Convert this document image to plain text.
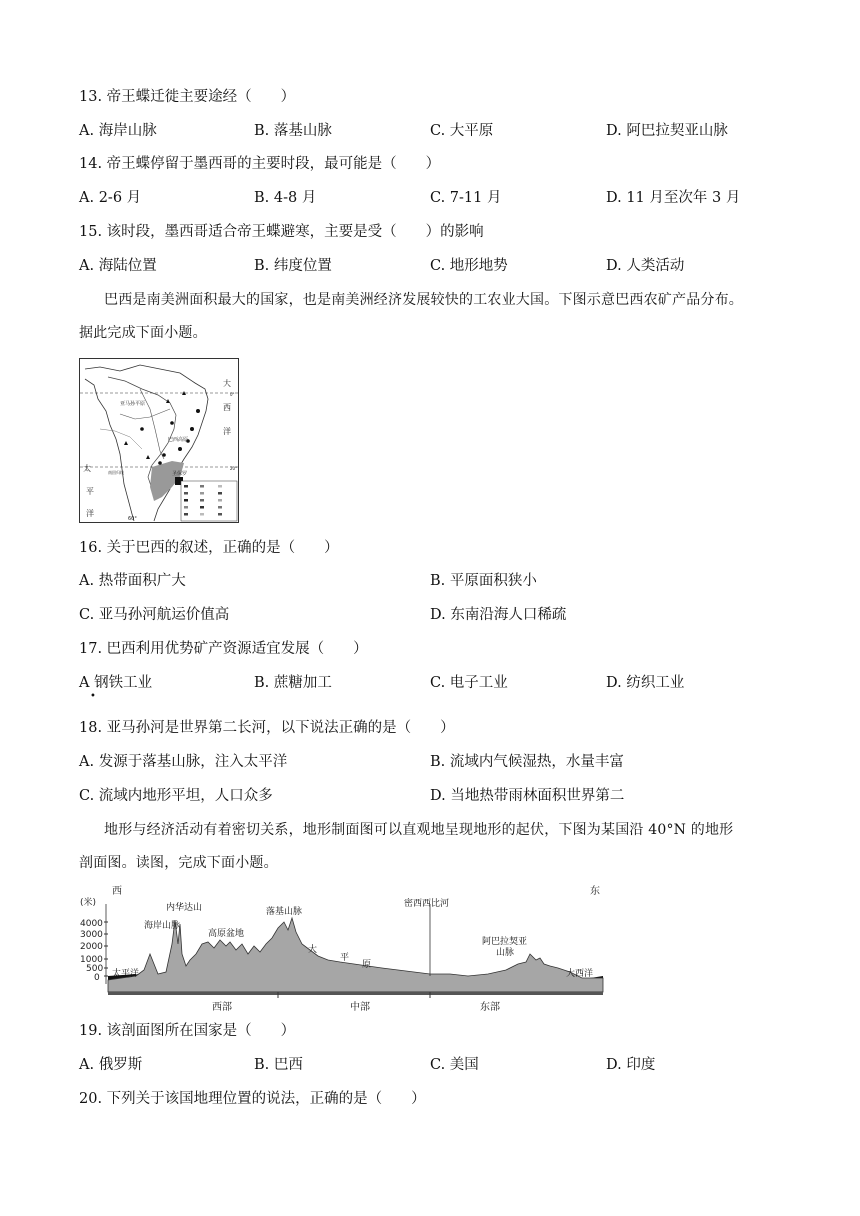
13. 帝王蝶迁徙主要途经（　　）
A. 海岸山脉	B. 落基山脉	C. 大平原	D. 阿巴拉契亚山脉
14. 帝王蝶停留于墨西哥的主要时段，最可能是（　　）
A. 2-6 月	B. 4-8 月	C. 7-11 月	D. 11 月至次年 3 月
15. 该时段，墨西哥适合帝王蝶避寒，主要是受（　　）的影响
A. 海陆位置	B. 纬度位置	C. 地形地势	D. 人类活动
巴西是南美洲面积最大的国家，也是南美洲经济发展较快的工农业大国。下图示意巴西农矿产品分布。
据此完成下面小题。
大
西
洋
太
平
洋
0°
20°
60°
南回归线
亚马孙平原
巴西高原
圣保罗
16. 关于巴西的叙述，正确的是（　　）
A. 热带面积广大	B. 平原面积狭小
C. 亚马孙河航运价值高	D. 东南沿海人口稀疏
17. 巴西利用优势矿产资源适宜发展（　　）
A 钢铁工业
•
B. 蔗糖加工	C. 电子工业	D. 纺织工业
18. 亚马孙河是世界第二长河，以下说法正确的是（　　）
A. 发源于落基山脉，注入太平洋	B. 流域内气候湿热，水量丰富
C. 流域内地形平坦，人口众多	D. 当地热带雨林面积世界第二
地形与经济活动有着密切关系，地形制面图可以直观地呈现地形的起伏，下图为某国沿 40°N 的地形
剖面图。读图，完成下面小题。
西	东
(米)
4000
3000
2000
1000
500
0
海岸山脉
内华达山
高原盆地
落基山脉
密西西比河
大
平
原
阿巴拉契亚
山脉
太平洋	大西洋
西部	中部	东部
19. 该剖面图所在国家是（　　）
A. 俄罗斯	B. 巴西	C. 美国	D. 印度
20. 下列关于该国地理位置的说法，正确的是（　　）
